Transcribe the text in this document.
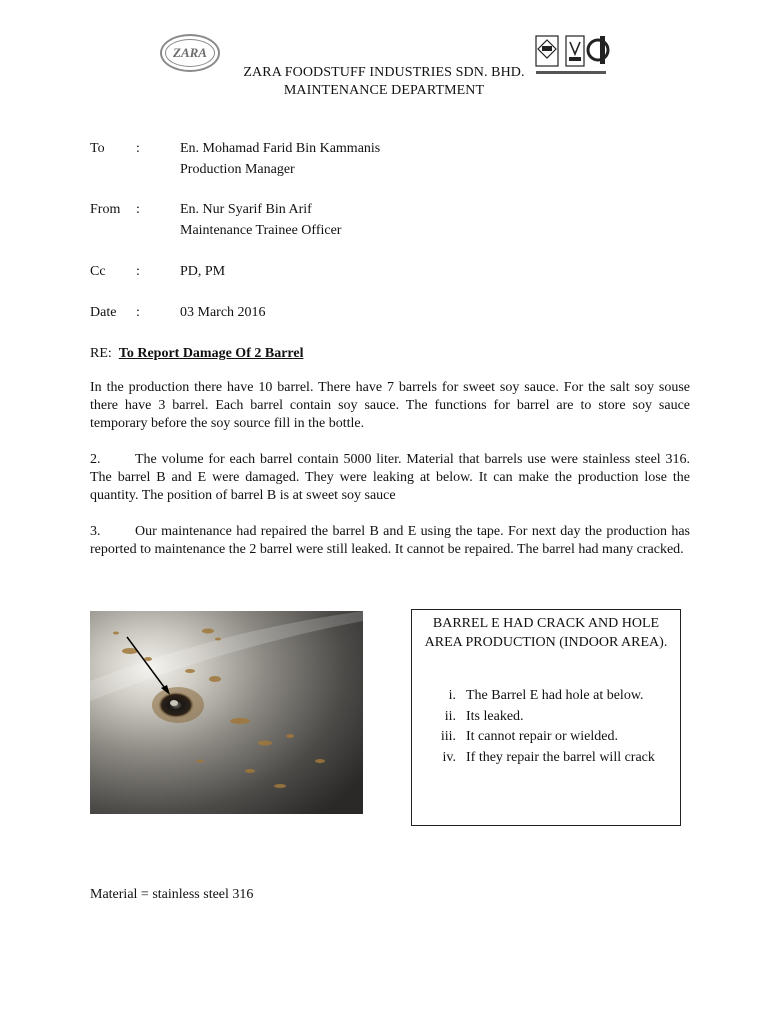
ZARA
ZARA FOODSTUFF INDUSTRIES SDN. BHD.
MAINTENANCE DEPARTMENT
To :	En. Mohamad Farid Bin Kammanis
Production Manager
From :	En. Nur Syarif Bin Arif
Maintenance Trainee Officer
Cc :	PD, PM
Date :	03 March 2016
RE: To Report Damage Of 2 Barrel
In the production there have 10 barrel. There have 7 barrels for sweet soy sauce. For the salt soy souse there have 3 barrel. Each barrel contain soy sauce. The functions for barrel are to store soy sauce temporary before the soy source fill in the bottle.
2. The volume for each barrel contain 5000 liter. Material that barrels use were stainless steel 316. The barrel B and E were damaged. They were leaking at below. It can make the production lose the quantity. The position of barrel B is at sweet soy sauce
3. Our maintenance had repaired the barrel B and E using the tape. For next day the production has reported to maintenance the 2 barrel were still leaked. It cannot be repaired. The barrel had many cracked.
BARREL E HAD CRACK AND HOLE AREA PRODUCTION (INDOOR AREA).
i. The Barrel E had hole at below.
ii. Its leaked.
iii. It cannot repair or wielded.
iv. If they repair the barrel will crack
Material = stainless steel 316
